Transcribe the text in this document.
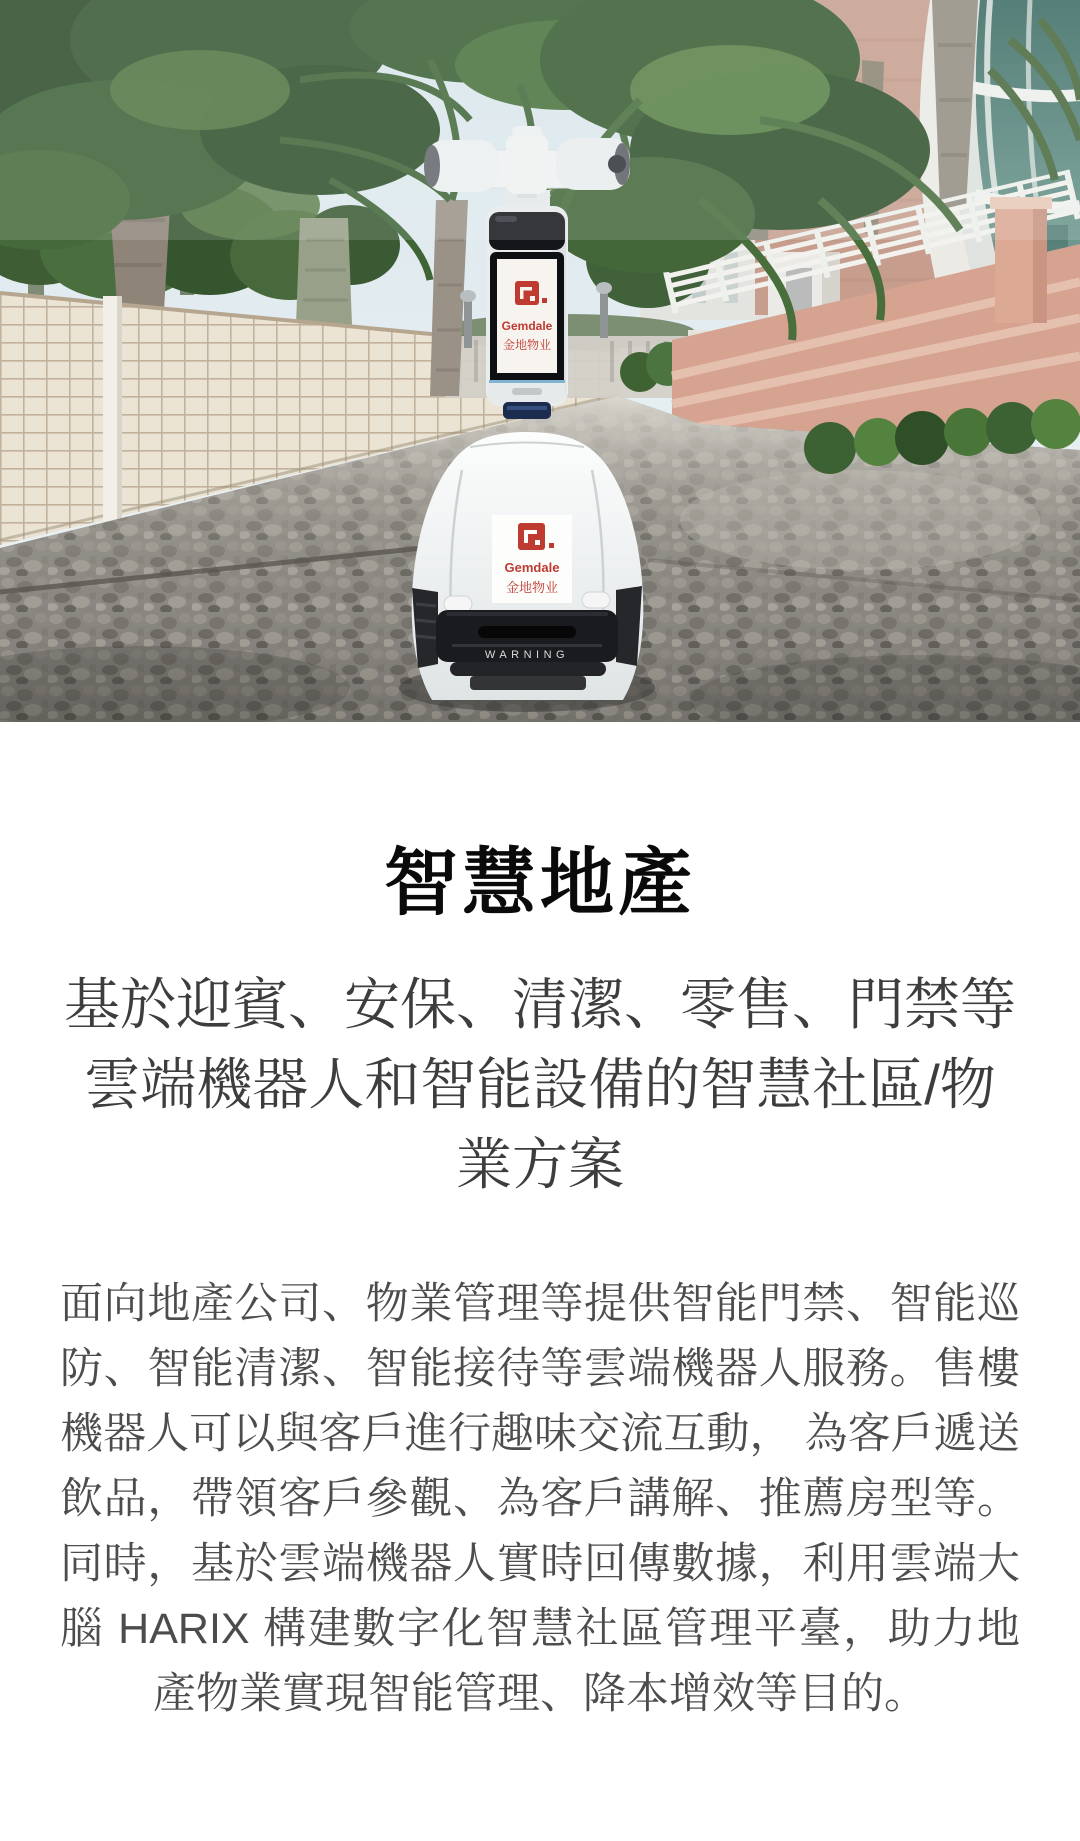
Gemdale
金地物业
Gemdale
金地物业
WARNING
智慧地產
基於迎賓、安保、清潔、零售、門禁等雲端機器人和智能設備的智慧社區/物業方案

面向地產公司、物業管理等提供智能門禁、智能巡防、智能清潔、智能接待等雲端機器人服務。售樓機器人可以與客戶進行趣味交流互動， 為客戶遞送飲品，帶領客戶參觀、為客戶講解、推薦房型等。同時，基於雲端機器人實時回傳數據，利用雲端大腦 HARIX 構建數字化智慧社區管理平臺，助力地產物業實現智能管理、降本增效等目的。
